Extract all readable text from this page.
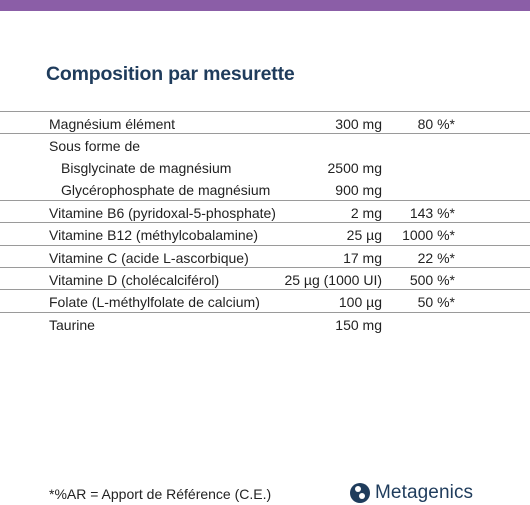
Composition par mesurette
Magnésium élément	300 mg	80 %*
Sous forme de
Bisglycinate de magnésium	2500 mg
Glycérophosphate de magnésium	900 mg
Vitamine B6 (pyridoxal-5-phosphate)	2 mg 143 %*
Vitamine B12 (méthylcobalamine)	25 µg 1000 %*
Vitamine C (acide L-ascorbique)	17 mg	22 %*
Vitamine D (cholécalciférol)	25 µg (1000 UI) 500 %*
Folate (L-méthylfolate de calcium)	100 µg	50 %*
Taurine	150 mg
*%AR = Apport de Référence (C.E.)	Metagenics
